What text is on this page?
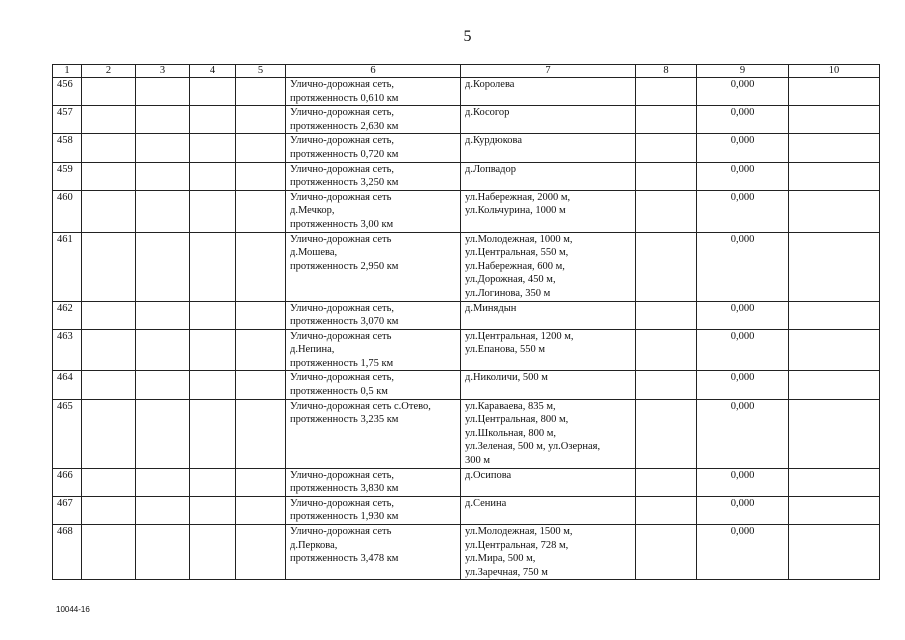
5
1	2	3	4	5	6	7	8	9	10
456					Улично-дорожная сеть,
протяженность 0,610 км	д.Королева		0,000	
457					Улично-дорожная сеть,
протяженность 2,630 км	д.Косогор		0,000	
458					Улично-дорожная сеть,
протяженность 0,720 км	д.Курдюкова		0,000	
459					Улично-дорожная сеть,
протяженность 3,250 км	д.Лопвадор		0,000	
460					Улично-дорожная сеть
д.Мечкор,
протяженность 3,00 км	ул.Набережная, 2000 м,
ул.Кольчурина, 1000 м		0,000	
461					Улично-дорожная сеть
д.Мошева,
протяженность 2,950 км	ул.Молодежная, 1000 м,
ул.Центральная, 550 м,
ул.Набережная, 600 м,
ул.Дорожная, 450 м,
ул.Логинова, 350 м		0,000	
462					Улично-дорожная сеть,
протяженность 3,070 км	д.Минядын		0,000	
463					Улично-дорожная сеть
д.Непина,
протяженность 1,75 км	ул.Центральная, 1200 м,
ул.Епанова, 550 м		0,000	
464					Улично-дорожная сеть,
протяженность 0,5 км	д.Николичи, 500 м		0,000	
465					Улично-дорожная сеть с.Отево,
протяженность 3,235 км	ул.Караваева, 835 м,
ул.Центральная, 800 м,
ул.Школьная, 800 м,
ул.Зеленая, 500 м, ул.Озерная,
300 м		0,000	
466					Улично-дорожная сеть,
протяженность 3,830 км	д.Осипова		0,000	
467					Улично-дорожная сеть,
протяженность 1,930 км	д.Сенина		0,000	
468					Улично-дорожная сеть
д.Перкова,
протяженность 3,478 км	ул.Молодежная, 1500 м,
ул.Центральная, 728 м,
ул.Мира, 500 м,
ул.Заречная, 750 м		0,000	
10044-16
